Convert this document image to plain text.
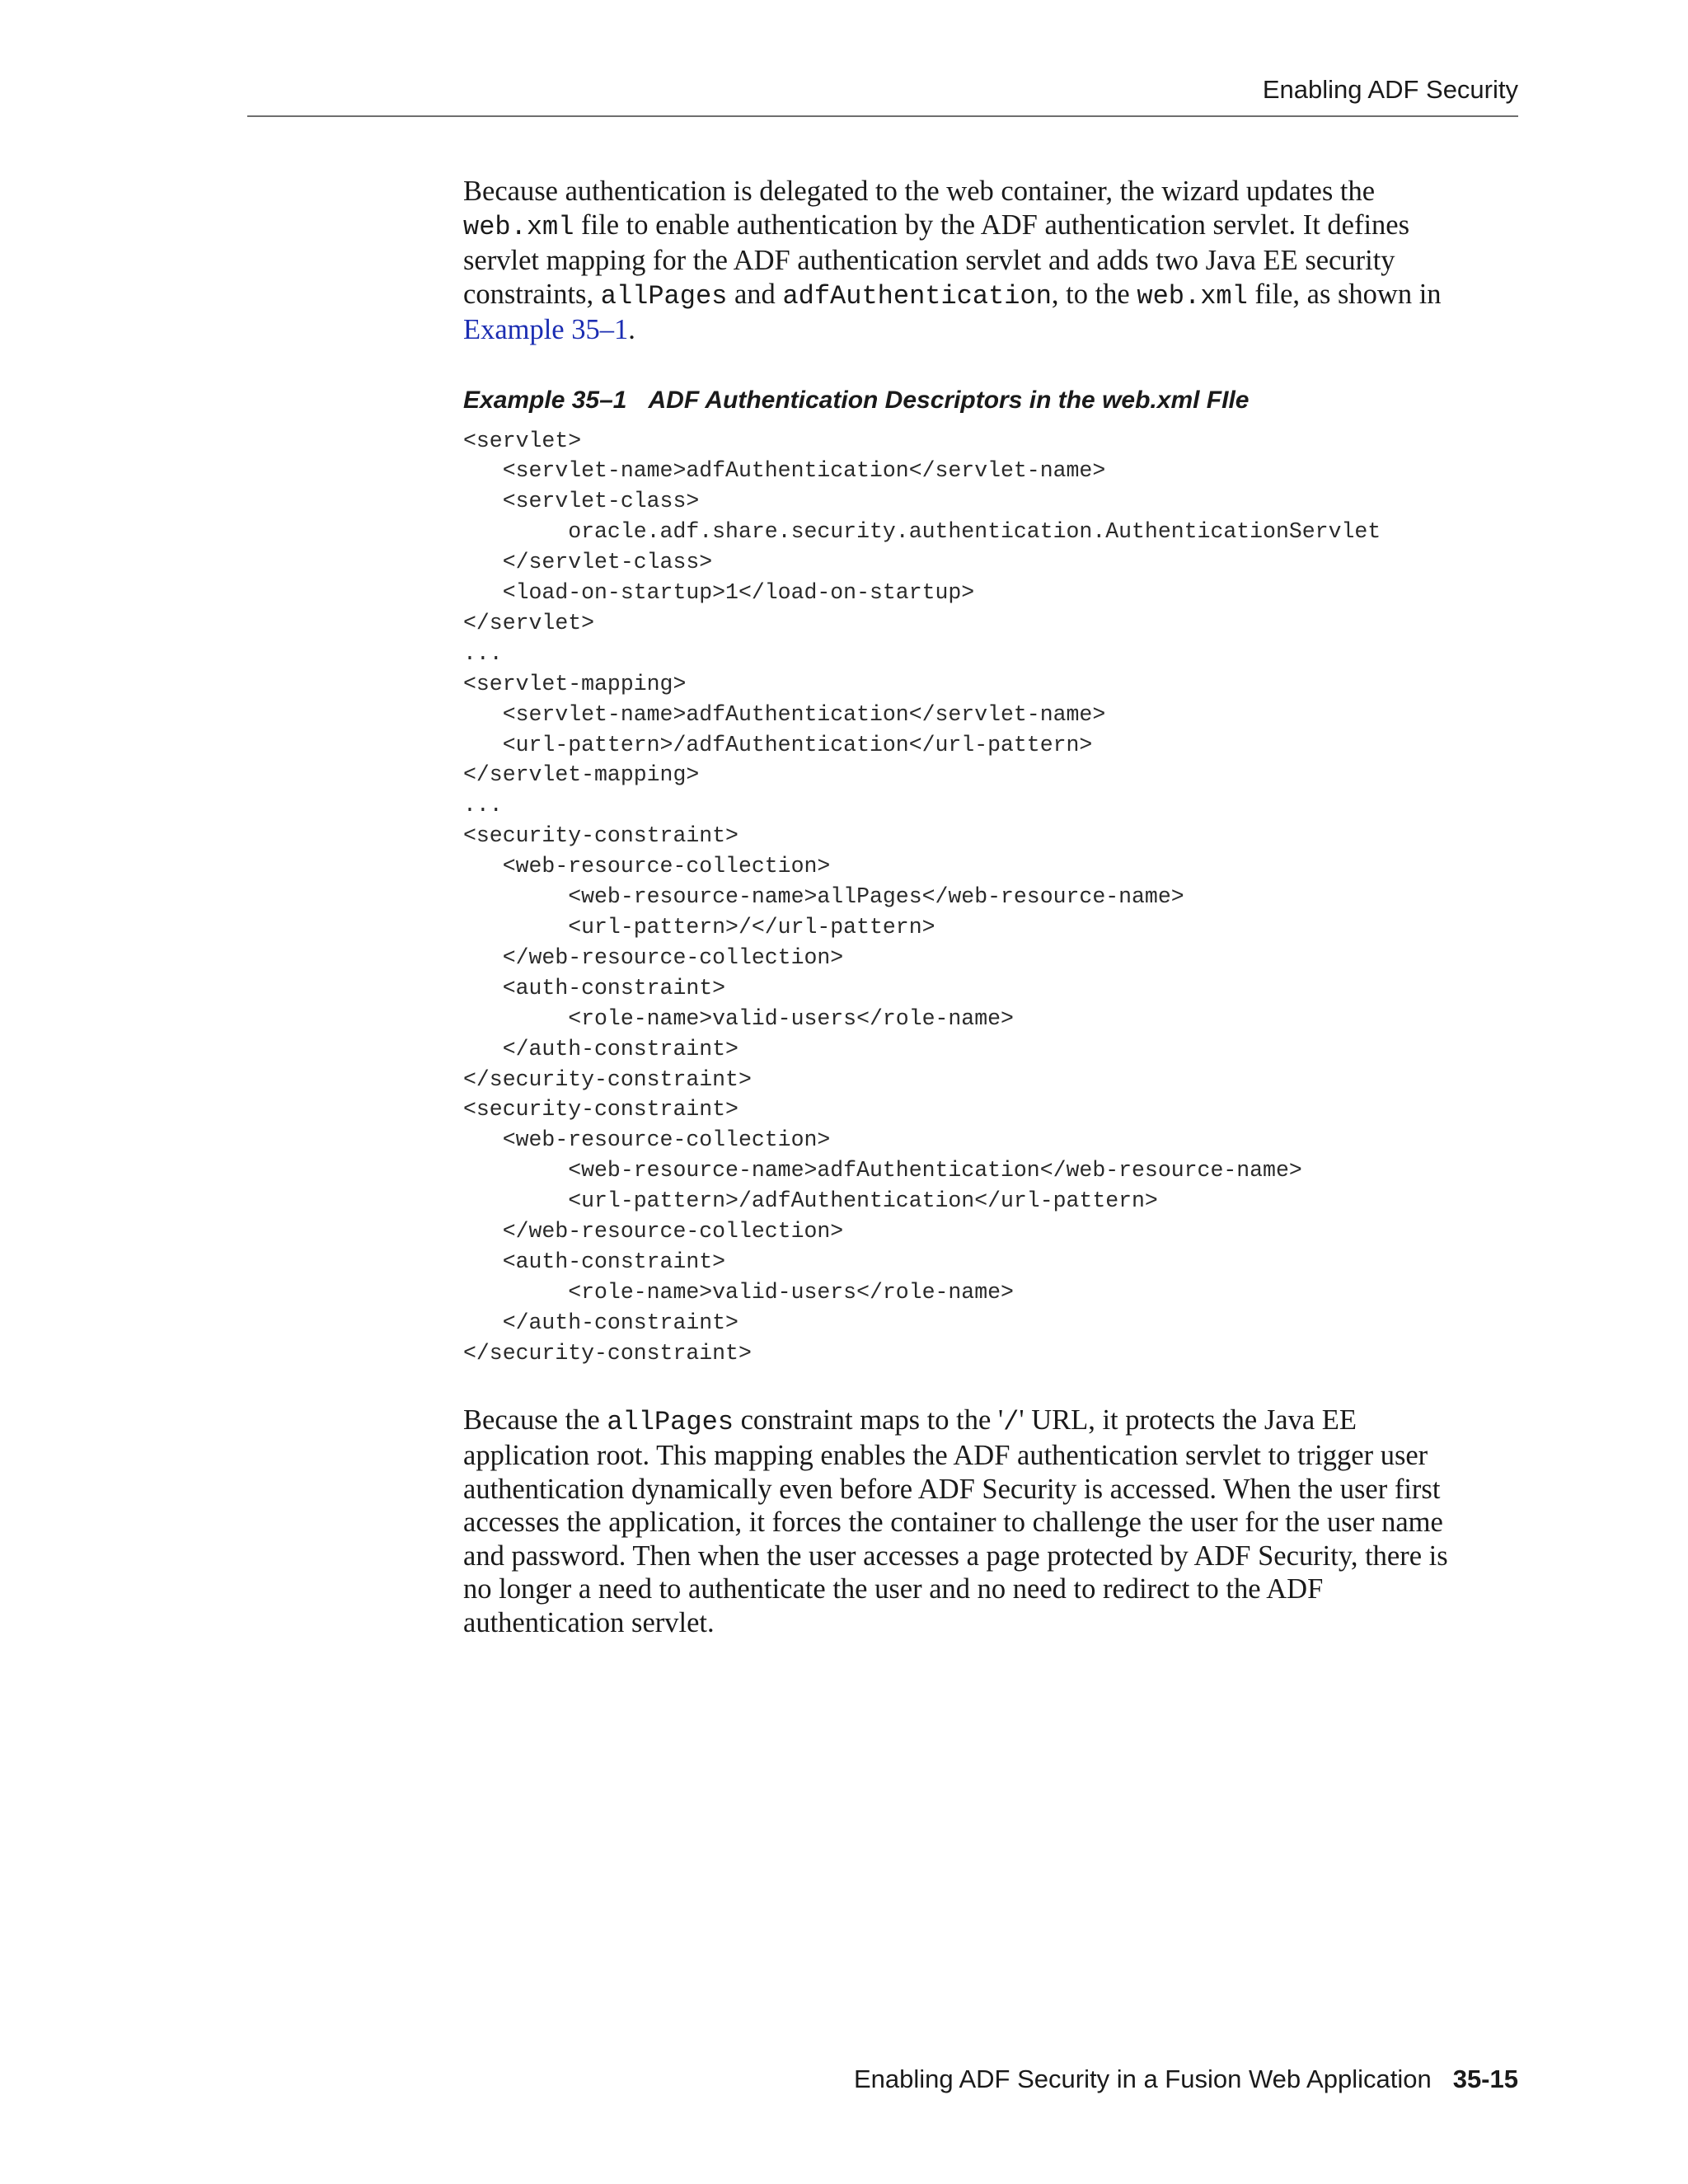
Enabling ADF Security

Because authentication is delegated to the web container, the wizard updates the
web.xml file to enable authentication by the ADF authentication servlet. It defines
servlet mapping for the ADF authentication servlet and adds two Java EE security
constraints, allPages and adfAuthentication, to the web.xml file, as shown in
Example 35–1.

Example 35–1 ADF Authentication Descriptors in the web.xml FIle
<servlet>
<servlet-name>adfAuthentication</servlet-name>
<servlet-class>
oracle.adf.share.security.authentication.AuthenticationServlet
</servlet-class>
<load-on-startup>1</load-on-startup>
</servlet>
...
<servlet-mapping>
<servlet-name>adfAuthentication</servlet-name>
<url-pattern>/adfAuthentication</url-pattern>
</servlet-mapping>
...
<security-constraint>
<web-resource-collection>
<web-resource-name>allPages</web-resource-name>
<url-pattern>/</url-pattern>
</web-resource-collection>
<auth-constraint>
<role-name>valid-users</role-name>
</auth-constraint>
</security-constraint>
<security-constraint>
<web-resource-collection>
<web-resource-name>adfAuthentication</web-resource-name>
<url-pattern>/adfAuthentication</url-pattern>
</web-resource-collection>
<auth-constraint>
<role-name>valid-users</role-name>
</auth-constraint>
</security-constraint>

Because the allPages constraint maps to the '/' URL, it protects the Java EE
application root. This mapping enables the ADF authentication servlet to trigger user
authentication dynamically even before ADF Security is accessed. When the user first
accesses the application, it forces the container to challenge the user for the user name
and password. Then when the user accesses a page protected by ADF Security, there is
no longer a need to authenticate the user and no need to redirect to the ADF
authentication servlet.

Enabling ADF Security in a Fusion Web Application 35-15
